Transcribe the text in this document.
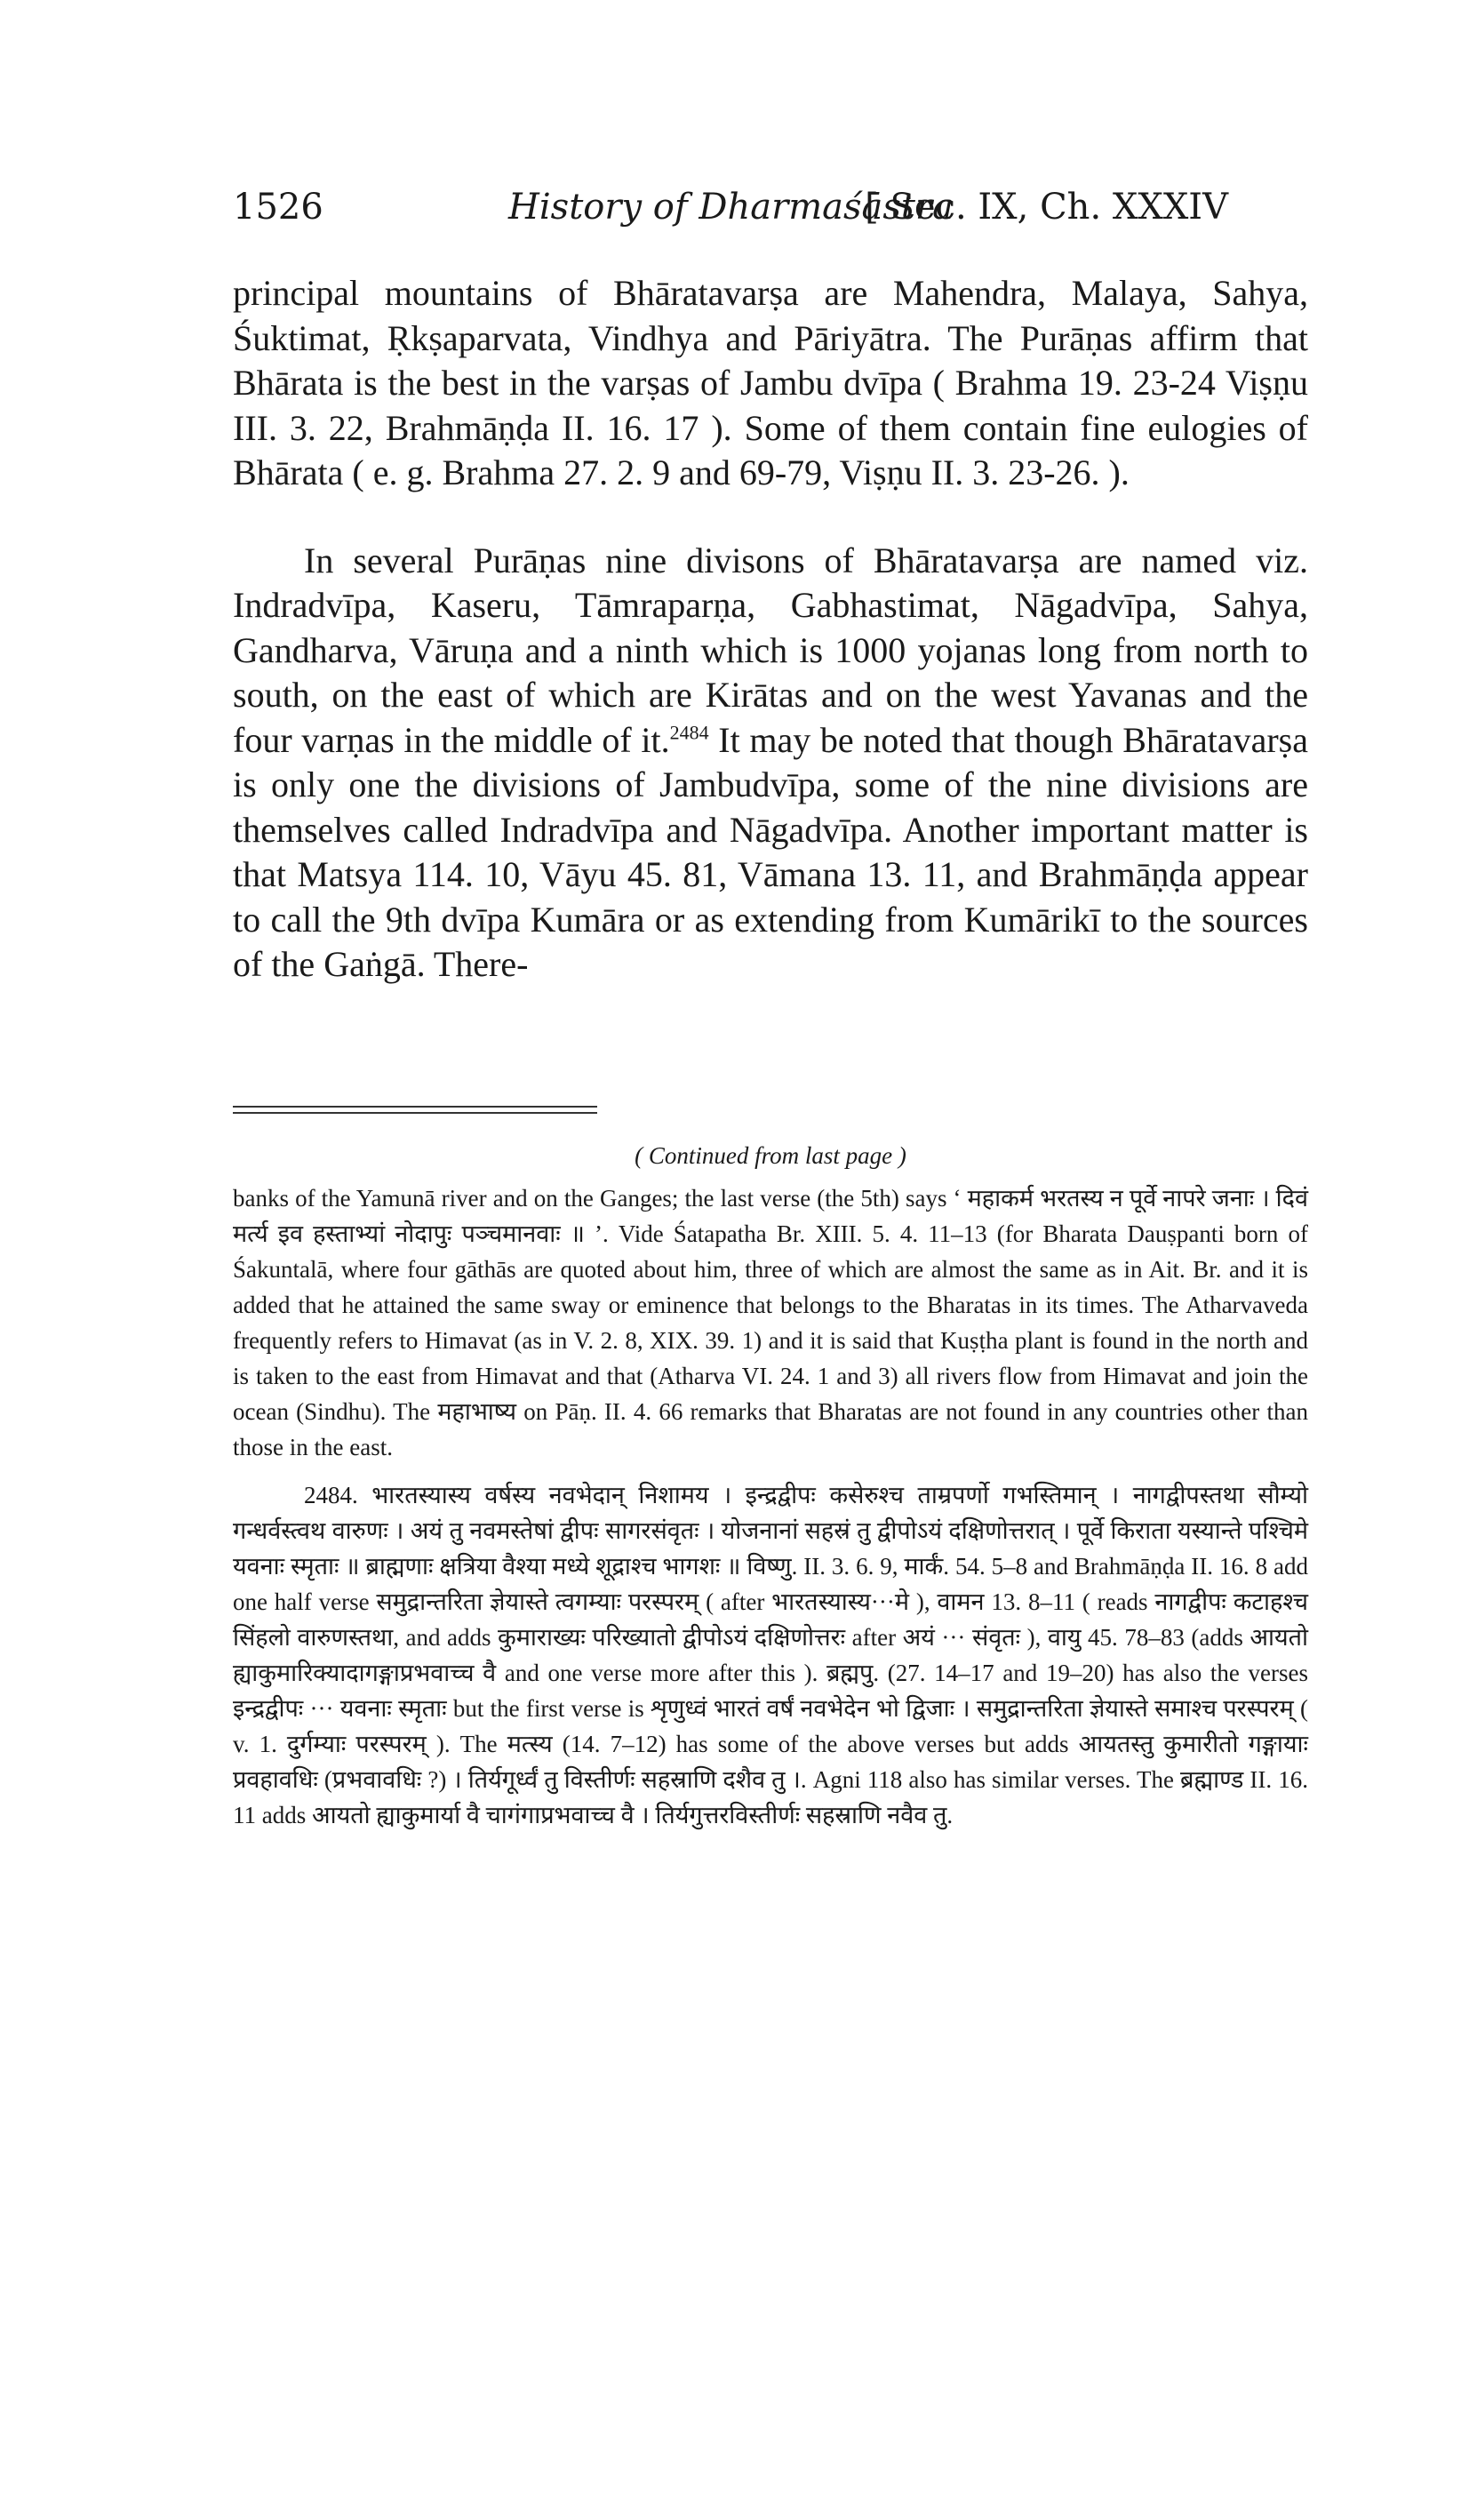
1526	History of Dharmaśāstra
[ Sec. IX, Ch. XXXIV

principal mountains of Bhāratavarṣa are Mahendra, Malaya, Sahya, Śuktimat, Ṛkṣaparvata, Vindhya and Pāriyātra. The Purāṇas affirm that Bhārata is the best in the varṣas of Jambu dvīpa ( Brahma 19. 23-24 Viṣṇu III. 3. 22, Brahmāṇḍa II. 16. 17 ). Some of them contain fine eulogies of Bhārata ( e. g. Brahma 27. 2. 9 and 69-79, Viṣṇu II. 3. 23-26. ).

In several Purāṇas nine divisons of Bhāratavarṣa are named viz. Indradvīpa, Kaseru, Tāmraparṇa, Gabhastimat, Nāgadvīpa, Sahya, Gandharva, Vāruṇa and a ninth which is 1000 yojanas long from north to south, on the east of which are Kirātas and on the west Yavanas and the four varṇas in the middle of it.$^{2484}$ It may be noted that though Bhāratavarṣa is only one the divisions of Jambudvīpa, some of the nine divisions are themselves called Indradvīpa and Nāgadvīpa. Another important matter is that Matsya 114. 10, Vāyu 45. 81, Vāmana 13. 11, and Brahmāṇḍa appear to call the 9th dvīpa Kumāra or as extending from Kumārikī to the sources of the Gaṅgā. There-

( Continued from last page )

banks of the Yamunā river and on the Ganges; the last verse (the 5th) says ‘ महाकर्म भरतस्य न पूर्वे नापरे जनाः । दिवं मर्त्य इव हस्ताभ्यां नोदापुः पञ्चमानवाः ॥ ’. Vide Śatapatha Br. XIII. 5. 4. 11–13 (for Bharata Dauṣpanti born of Śakuntalā, where four gāthās are quoted about him, three of which are almost the same as in Ait. Br. and it is added that he attained the same sway or eminence that belongs to the Bharatas in its times. The Atharvaveda frequently refers to Himavat (as in V. 2. 8, XIX. 39. 1) and it is said that Kuṣṭha plant is found in the north and is taken to the east from Himavat and that (Atharva VI. 24. 1 and 3) all rivers flow from Himavat and join the ocean (Sindhu). The महाभाष्य on Pāṇ. II. 4. 66 remarks that Bharatas are not found in any countries other than those in the east.

2484. भारतस्यास्य वर्षस्य नवभेदान् निशामय । इन्द्रद्वीपः कसेरुश्च ताम्रपर्णो गभस्तिमान् । नागद्वीपस्तथा सौम्यो गन्धर्वस्त्वथ वारुणः । अयं तु नवमस्तेषां द्वीपः सागरसंवृतः । योजनानां सहस्रं तु द्वीपोऽयं दक्षिणोत्तरात् । पूर्वे किराता यस्यान्ते पश्चिमे यवनाः स्मृताः ॥ ब्राह्मणाः क्षत्रिया वैश्या मध्ये शूद्राश्च भागशः ॥ विष्णु. II. 3. 6. 9, मार्कं. 54. 5–8 and Brahmāṇḍa II. 16. 8 add one half verse समुद्रान्तरिता ज्ञेयास्ते त्वगम्याः परस्परम् ( after भारतस्यास्य···मे ), वामन 13. 8–11 ( reads नागद्वीपः कटाहश्च सिंहलो वारुणस्तथा, and adds कुमाराख्यः परिख्यातो द्वीपोऽयं दक्षिणोत्तरः after अयं ··· संवृतः ), वायु 45. 78–83 (adds आयतो ह्याकुमारिक्यादागङ्गाप्रभवाच्च वै and one verse more after this ). ब्रह्मपु. (27. 14–17 and 19–20) has also the verses इन्द्रद्वीपः ··· यवनाः स्मृताः but the first verse is शृणुध्वं भारतं वर्षं नवभेदेन भो द्विजाः । समुद्रान्तरिता ज्ञेयास्ते समाश्च परस्परम् ( v. 1. दुर्गम्याः परस्परम् ). The मत्स्य (14. 7–12) has some of the above verses but adds आयतस्तु कुमारीतो गङ्गायाः प्रवहावधिः (प्रभवावधिः ?) । तिर्यगूर्ध्वं तु विस्तीर्णः सहस्राणि दशैव तु ।. Agni 118 also has similar verses. The ब्रह्माण्ड II. 16. 11 adds आयतो ह्याकुमार्या वै चागंगाप्रभवाच्च वै । तिर्यगुत्तरविस्तीर्णः सहस्राणि नवैव तु.
